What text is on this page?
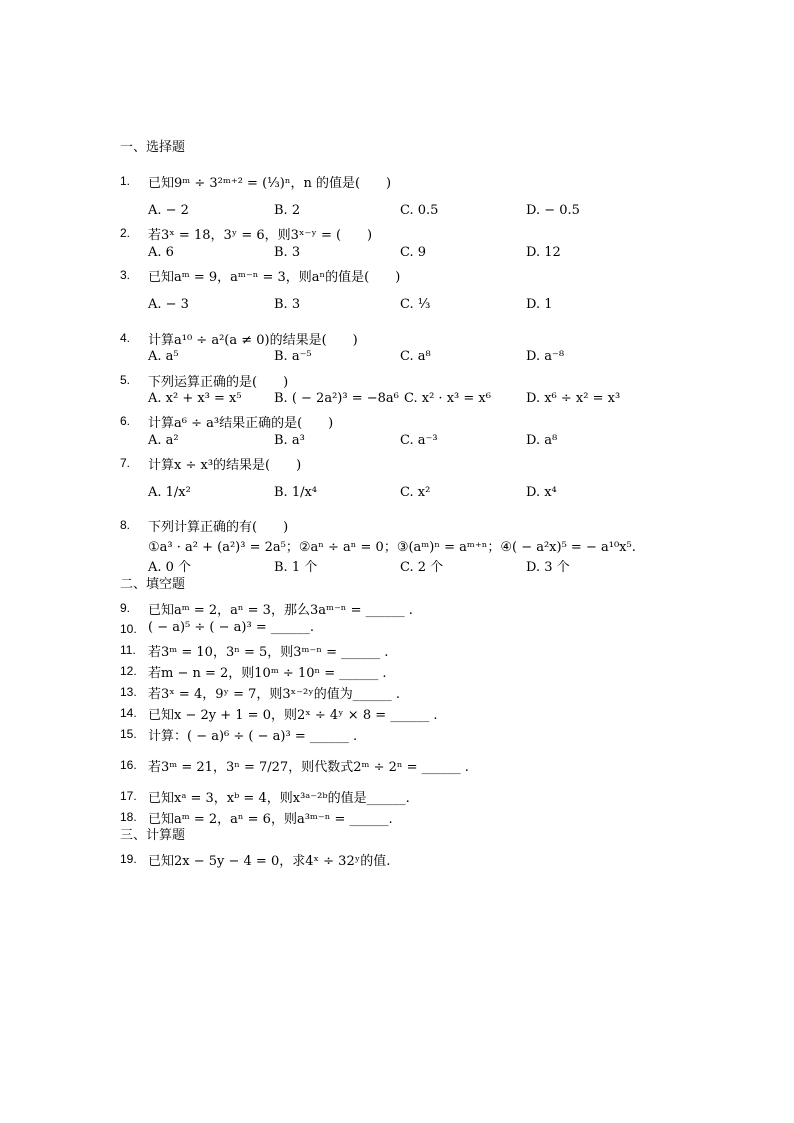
一、选择题
1.	已知9ᵐ ÷ 3²ᵐ⁺² = (⅓)ⁿ，n 的值是(　　)
A. − 2	B. 2	C. 0.5	D. − 0.5
2.	若3ˣ = 18，3ʸ = 6，则3ˣ⁻ʸ = (　　)
A. 6	B. 3	C. 9	D. 12
3.	已知aᵐ = 9，aᵐ⁻ⁿ = 3，则aⁿ的值是(　　)
A. − 3	B. 3	C. ⅓	D. 1
4.	计算a¹⁰ ÷ a²(a ≠ 0)的结果是(　　)
A. a⁵	B. a⁻⁵	C. a⁸	D. a⁻⁸
5.	下列运算正确的是(　　)
A. x² + x³ = x⁵ B. ( − 2a²)³ = −8a⁶ C. x² · x³ = x⁶	D. x⁶ ÷ x² = x³
6.	计算a⁶ ÷ a³结果正确的是(　　)
A. a²	B. a³	C. a⁻³	D. a⁸
7.	计算x ÷ x³的结果是(　　)
A. 1/x²	B. 1/x⁴	C. x²	D. x⁴
8.	下列计算正确的有(　　)
①a³ · a² + (a²)³ = 2a⁵；②aⁿ ÷ aⁿ = 0；③(aᵐ)ⁿ = aᵐ⁺ⁿ；④( − a²x)⁵ = − a¹⁰x⁵.
A. 0 个	B. 1 个	C. 2 个	D. 3 个
二、填空题
9.	已知aᵐ = 2，aⁿ = 3，那么3aᵐ⁻ⁿ = ______ .
10. ( − a)⁵ ÷ ( − a)³ = ______.
11. 若3ᵐ = 10，3ⁿ = 5，则3ᵐ⁻ⁿ = ______ .
12. 若m − n = 2，则10ᵐ ÷ 10ⁿ = ______ .
13. 若3ˣ = 4，9ʸ = 7，则3ˣ⁻²ʸ的值为______ .
14. 已知x − 2y + 1 = 0，则2ˣ ÷ 4ʸ × 8 = ______ .
15. 计算：( − a)⁶ ÷ ( − a)³ = ______ .
16. 若3ᵐ = 21，3ⁿ = 7/27，则代数式2ᵐ ÷ 2ⁿ = ______ .
17. 已知xᵃ = 3，xᵇ = 4，则x³ᵃ⁻²ᵇ的值是______.
18. 已知aᵐ = 2，aⁿ = 6，则a³ᵐ⁻ⁿ = ______.
三、计算题
19. 已知2x − 5y − 4 = 0，求4ˣ ÷ 32ʸ的值.
